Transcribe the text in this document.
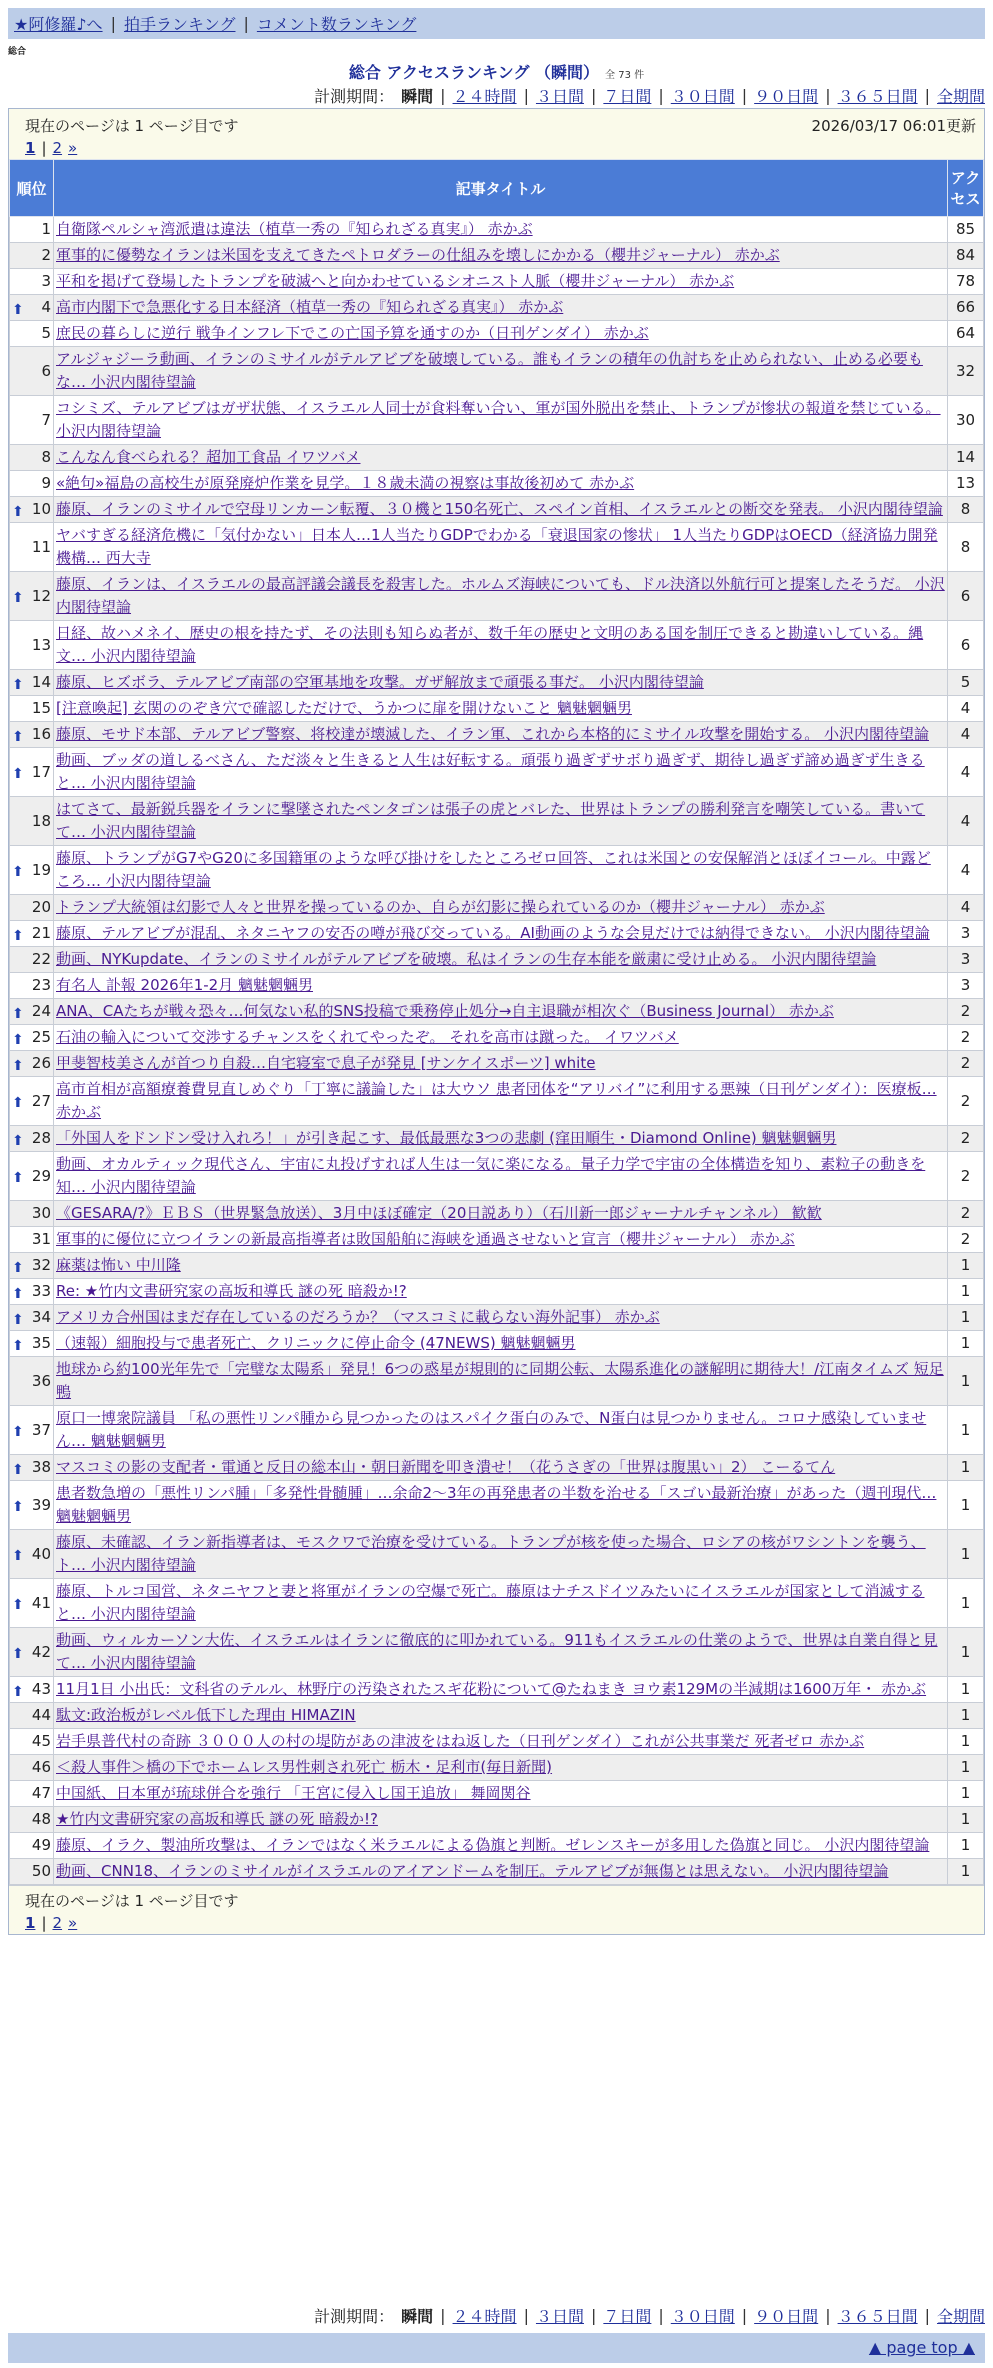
★阿修羅♪へ | 拍手ランキング | コメント数ランキング
総合
総合 アクセスランキング （瞬間） 全 73 件
計測期間： 瞬間 | ２４時間 | ３日間 | ７日間 | ３０日間 | ９０日間 | ３６５日間 | 全期間
現在のページは 1 ページ目です	2026/03/17 06:01更新
1 | 2 »
順位	記事タイトル	アクセス
1	自衛隊ペルシャ湾派遣は違法（植草一秀の『知られざる真実』） 赤かぶ	85
2	軍事的に優勢なイランは米国を支えてきたペトロダラーの仕組みを壊しにかかる（櫻井ジャーナル） 赤かぶ	84
3	平和を掲げて登場したトランプを破滅へと向かわせているシオニスト人脈（櫻井ジャーナル） 赤かぶ	78

⬆ 4	高市内閣下で急悪化する日本経済（植草一秀の『知られざる真実』） 赤かぶ	66
5	庶民の暮らしに逆行 戦争インフレ下でこの亡国予算を通すのか（日刊ゲンダイ） 赤かぶ	64
6	アルジャジーラ動画、イランのミサイルがテルアビブを破壊している。誰もイランの積年の仇討ちを止められない、止める必要もな… 小沢内閣待望論	32
7	コシミズ、テルアビブはガザ状態、イスラエル人同士が食料奪い合い、軍が国外脱出を禁止、トランプが惨状の報道を禁じている。 小沢内閣待望論	30
8	こんなん食べられる？超加工食品 イワツバメ	14
9	«絶句»福島の高校生が原発廃炉作業を見学。１８歳未満の視察は事故後初めて 赤かぶ	13

⬆ 10	藤原、イランのミサイルで空母リンカーン転覆、３０機と150名死亡、スペイン首相、イスラエルとの断交を発表。 小沢内閣待望論	8
11	ヤバすぎる経済危機に「気付かない」日本人…1人当たりGDPでわかる「衰退国家の惨状」 1人当たりGDPはOECD（経済協力開発機構… 西大寺	8

⬆ 12	藤原、イランは、イスラエルの最高評議会議長を殺害した。ホルムズ海峡についても、ドル決済以外航行可と提案したそうだ。 小沢内閣待望論	6
13	日経、故ハメネイ、歴史の根を持たず、その法則も知らぬ者が、数千年の歴史と文明のある国を制圧できると勘違いしている。縄文… 小沢内閣待望論	6

⬆ 14	藤原、ヒズボラ、テルアビブ南部の空軍基地を攻撃。ガザ解放まで頑張る事だ。 小沢内閣待望論	5
15	[注意喚起] 玄関ののぞき穴で確認しただけで、うかつに扉を開けないこと 魑魅魍魎男	4

⬆ 16	藤原、モサド本部、テルアビブ警察、将校達が壊滅した、イラン軍、これから本格的にミサイル攻撃を開始する。 小沢内閣待望論	4

⬆ 17	動画、ブッダの道しるべさん、ただ淡々と生きると人生は好転する。頑張り過ぎずサボり過ぎず、期待し過ぎず諦め過ぎず生きると… 小沢内閣待望論	4
18	はてさて、最新鋭兵器をイランに撃墜されたペンタゴンは張子の虎とバレた、世界はトランプの勝利発言を嘲笑している。書いてて… 小沢内閣待望論	4

⬆ 19	藤原、トランプがG7やG20に多国籍軍のような呼び掛けをしたところゼロ回答、これは米国との安保解消とほぼイコール。中露どころ… 小沢内閣待望論	4
20	トランプ大統領は幻影で人々と世界を操っているのか、自らが幻影に操られているのか（櫻井ジャーナル） 赤かぶ	4

⬆ 21	藤原、テルアビブが混乱、ネタニヤフの安否の噂が飛び交っている。AI動画のような会見だけでは納得できない。 小沢内閣待望論	3
22	動画、NYKupdate、イランのミサイルがテルアビブを破壊。私はイランの生存本能を厳粛に受け止める。 小沢内閣待望論	3
23	有名人 訃報 2026年1-2月 魑魅魍魎男	3

⬆ 24	ANA、CAたちが戦々恐々…何気ない私的SNS投稿で乗務停止処分→自主退職が相次ぐ（Business Journal） 赤かぶ	2

⬆ 25	石油の輸入について交渉するチャンスをくれてやったぞ。 それを高市は蹴った。 イワツバメ	2

⬆ 26	甲斐智枝美さんが首つり自殺…自宅寝室で息子が発見 [サンケイスポーツ] white	2

⬆ 27	高市首相が高額療養費見直しめぐり「丁寧に議論した」は大ウソ 患者団体を“アリバイ”に利用する悪辣（日刊ゲンダイ）：医療板… 赤かぶ	2

⬆ 28	「外国人をドンドン受け入れろ！」が引き起こす、最低最悪な3つの悲劇 (窪田順生・Diamond Online) 魑魅魍魎男	2

⬆ 29	動画、オカルティック現代さん、宇宙に丸投げすれば人生は一気に楽になる。量子力学で宇宙の全体構造を知り、素粒子の動きを知… 小沢内閣待望論	2
30	《GESARA/?》ＥＢＳ（世界緊急放送）、3月中ほぼ確定（20日説あり）（石川新一郎ジャーナルチャンネル） 歓歓	2
31	軍事的に優位に立つイランの新最高指導者は敗国船舶に海峡を通過させないと宣言（櫻井ジャーナル） 赤かぶ	2

⬆ 32	麻薬は怖い 中川隆	1

⬆ 33	Re: ★竹内文書研究家の高坂和導氏 謎の死 暗殺か!?	1

⬆ 34	アメリカ合州国はまだ存在しているのだろうか？（マスコミに載らない海外記事） 赤かぶ	1

⬆ 35	（速報）細胞投与で患者死亡、クリニックに停止命令 (47NEWS) 魑魅魍魎男	1
36	地球から約100光年先で「完璧な太陽系」発見！6つの惑星が規則的に同期公転、太陽系進化の謎解明に期待大！/江南タイムズ 短足鴨	1

⬆ 37	原口一博衆院議員 「私の悪性リンパ腫から見つかったのはスパイク蛋白のみで、N蛋白は見つかりません。コロナ感染していません… 魑魅魍魎男	1

⬆ 38	マスコミの影の支配者・電通と反日の総本山・朝日新聞を叩き潰せ！（花うさぎの「世界は腹黒い」2） こーるてん	1

⬆ 39	患者数急増の「悪性リンパ腫」「多発性骨髄腫」…余命2〜3年の再発患者の半数を治せる「スゴい最新治療」があった（週刊現代… 魑魅魍魎男	1

⬆ 40	藤原、未確認、イラン新指導者は、モスクワで治療を受けている。トランプが核を使った場合、ロシアの核がワシントンを襲う、ト… 小沢内閣待望論	1

⬆ 41	藤原、トルコ国営、ネタニヤフと妻と将軍がイランの空爆で死亡。藤原はナチスドイツみたいにイスラエルが国家として消滅すると… 小沢内閣待望論	1

⬆ 42	動画、ウィルカーソン大佐、イスラエルはイランに徹底的に叩かれている。911もイスラエルの仕業のようで、世界は自業自得と見て… 小沢内閣待望論	1

⬆ 43	11月1日 小出氏：文科省のテルル、林野庁の汚染されたスギ花粉について@たねまき ヨウ素129Mの半減期は1600万年・ 赤かぶ	1
44	駄文:政治板がレベル低下した理由 HIMAZIN	1
45	岩手県普代村の奇跡 ３０００人の村の堤防があの津波をはね返した（日刊ゲンダイ）これが公共事業だ 死者ゼロ 赤かぶ	1
46	＜殺人事件＞橋の下でホームレス男性刺され死亡 栃木・足利市(毎日新聞)	1
47	中国紙、日本軍が琉球併合を強行 「王宮に侵入し国王追放」 舞岡関谷	1
48	★竹内文書研究家の高坂和導氏 謎の死 暗殺か!?	1
49	藤原、イラク、製油所攻撃は、イランではなく米ラエルによる偽旗と判断。ゼレンスキーが多用した偽旗と同じ。 小沢内閣待望論	1
50	動画、CNN18、イランのミサイルがイスラエルのアイアンドームを制圧。テルアビブが無傷とは思えない。 小沢内閣待望論	1
現在のページは 1 ページ目です
1 | 2 »
計測期間： 瞬間 | ２４時間 | ３日間 | ７日間 | ３０日間 | ９０日間 | ３６５日間 | 全期間
▲ page top ▲
